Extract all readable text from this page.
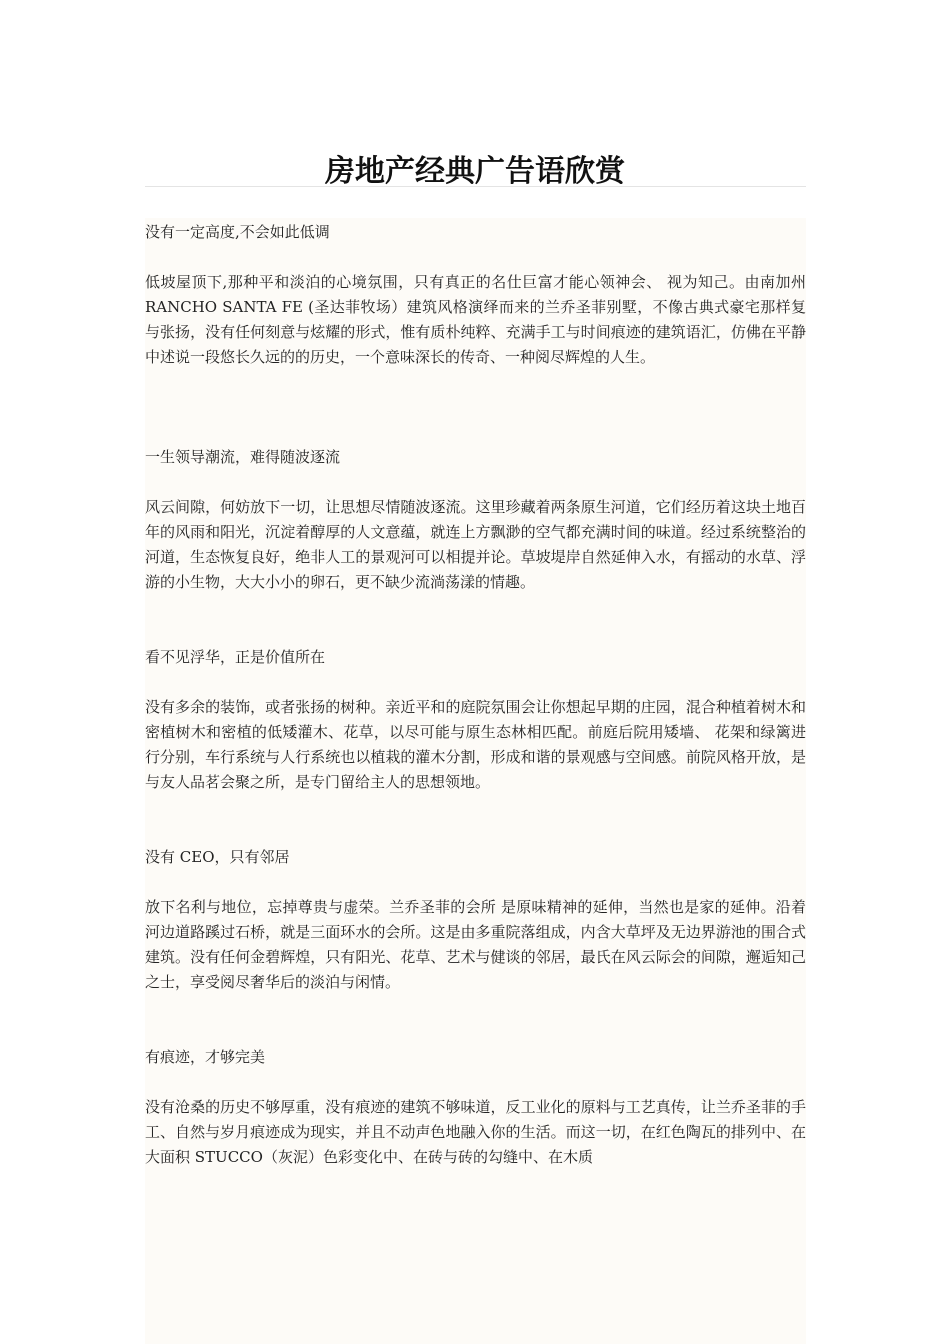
房地产经典广告语欣赏

没有一定高度,不会如此低调

低坡屋顶下,那种平和淡泊的心境氛围，只有真正的名仕巨富才能心领神会、 视为知己。由南加州 RANCHO SANTA FE (圣达菲牧场）建筑风格演绎而来的兰乔圣菲别墅，不像古典式豪宅那样复与张扬，没有任何刻意与炫耀的形式，惟有质朴纯粹、充满手工与时间痕迹的建筑语汇，仿佛在平静中述说一段悠长久远的的历史，一个意味深长的传奇、一种阅尽辉煌的人生。

一生领导潮流，难得随波逐流

风云间隙，何妨放下一切，让思想尽情随波逐流。这里珍藏着两条原生河道，它们经历着这块土地百年的风雨和阳光，沉淀着醇厚的人文意蕴，就连上方飘渺的空气都充满时间的味道。经过系统整治的河道，生态恢复良好，绝非人工的景观河可以相提并论。草坡堤岸自然延伸入水，有摇动的水草、浮游的小生物，大大小小的卵石，更不缺少流淌荡漾的情趣。

看不见浮华，正是价值所在

没有多余的装饰，或者张扬的树种。亲近平和的庭院氛围会让你想起早期的庄园，混合种植着树木和密植树木和密植的低矮灌木、花草，以尽可能与原生态林相匹配。前庭后院用矮墙、 花架和绿篱进行分别，车行系统与人行系统也以植栽的灌木分割，形成和谐的景观感与空间感。前院风格开放，是与友人品茗会聚之所，是专门留给主人的思想领地。

没有 CEO，只有邻居

放下名利与地位，忘掉尊贵与虚荣。兰乔圣菲的会所 是原味精神的延伸，当然也是家的延伸。沿着河边道路蹊过石桥，就是三面环水的会所。这是由多重院落组成，内含大草坪及无边界游池的围合式建筑。没有任何金碧辉煌，只有阳光、花草、艺术与健谈的邻居，最氏在风云际会的间隙，邂逅知己之士，享受阅尽奢华后的淡泊与闲情。

有痕迹，才够完美

没有沧桑的历史不够厚重，没有痕迹的建筑不够味道，反工业化的原料与工艺真传，让兰乔圣菲的手工、自然与岁月痕迹成为现实，并且不动声色地融入你的生活。而这一切，在红色陶瓦的排列中、在大面积 STUCCO（灰泥）色彩变化中、在砖与砖的勾缝中、在木质
